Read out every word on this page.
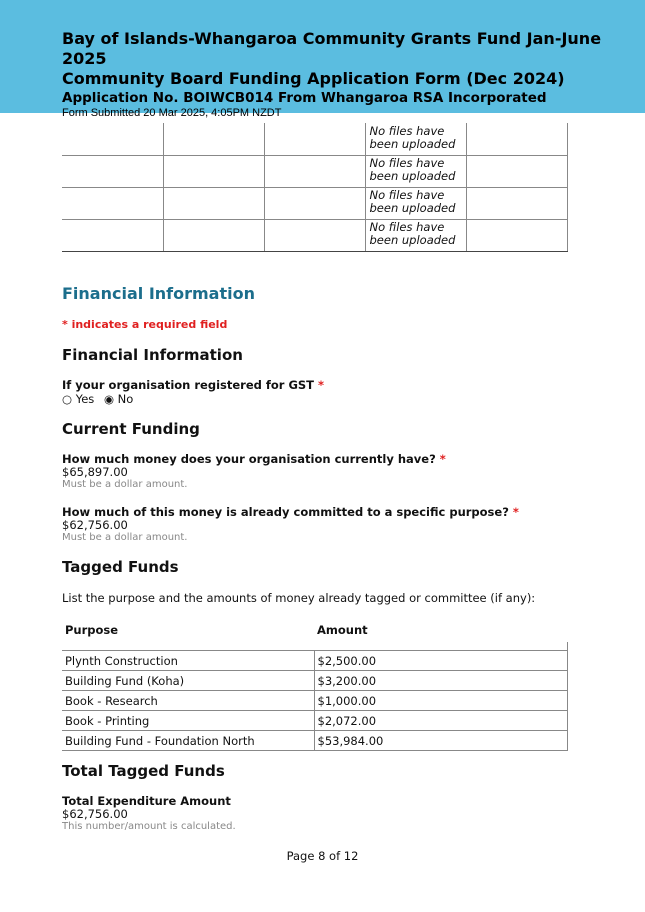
Bay of Islands-Whangaroa Community Grants Fund Jan-June 2025
Community Board Funding Application Form (Dec 2024)
Application No. BOIWCB014 From Whangaroa RSA Incorporated
Form Submitted 20 Mar 2025, 4:05PM NZDT
			No files have been uploaded	
			No files have been uploaded	
			No files have been uploaded	
			No files have been uploaded	
Financial Information
* indicates a required field
Financial Information
If your organisation registered for GST *
○ Yes ◉ No
Current Funding
How much money does your organisation currently have? *
$65,897.00
Must be a dollar amount.
How much of this money is already committed to a specific purpose? *
$62,756.00
Must be a dollar amount.
Tagged Funds
List the purpose and the amounts of money already tagged or committee (if any):
Purpose	Amount

Plynth Construction	$2,500.00
Building Fund (Koha)	$3,200.00
Book - Research	$1,000.00
Book - Printing	$2,072.00
Building Fund - Foundation North	$53,984.00
Total Tagged Funds
Total Expenditure Amount
$62,756.00
This number/amount is calculated.
Page 8 of 12
